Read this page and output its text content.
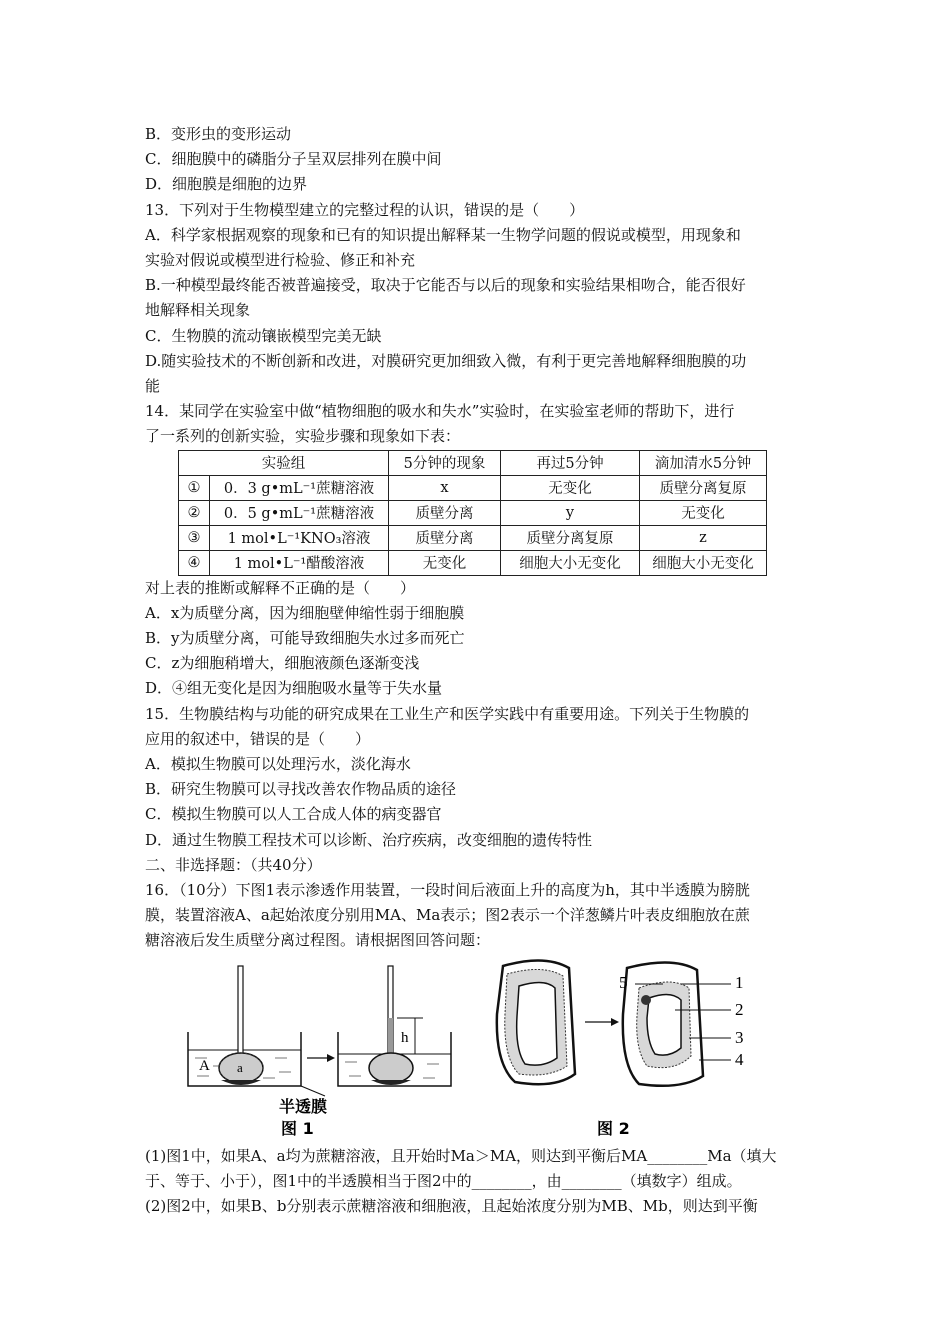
B．变形虫的变形运动
C．细胞膜中的磷脂分子呈双层排列在膜中间
D．细胞膜是细胞的边界
13．下列对于生物模型建立的完整过程的认识，错误的是（　　）
A．科学家根据观察的现象和已有的知识提出解释某一生物学问题的假说或模型，用现象和
实验对假说或模型进行检验、修正和补充
B.一种模型最终能否被普遍接受，取决于它能否与以后的现象和实验结果相吻合，能否很好
地解释相关现象
C．生物膜的流动镶嵌模型完美无缺
D.随实验技术的不断创新和改进，对膜研究更加细致入微，有利于更完善地解释细胞膜的功
能
14．某同学在实验室中做“植物细胞的吸水和失水”实验时，在实验室老师的帮助下，进行
了一系列的创新实验，实验步骤和现象如下表：
实验组		5分钟的现象	再过5分钟	滴加清水5分钟
①	0．3 g•mL⁻¹蔗糖溶液	x	无变化	质壁分离复原
②	0．5 g•mL⁻¹蔗糖溶液	质壁分离	y	无变化
③	1 mol•L⁻¹KNO₃溶液	质壁分离	质壁分离复原	z
④	1 mol•L⁻¹醋酸溶液	无变化	细胞大小无变化	细胞大小无变化
对上表的推断或解释不正确的是（　　）
A．x为质壁分离，因为细胞壁伸缩性弱于细胞膜
B．y为质壁分离，可能导致细胞失水过多而死亡
C．z为细胞稍增大，细胞液颜色逐渐变浅
D．④组无变化是因为细胞吸水量等于失水量
15．生物膜结构与功能的研究成果在工业生产和医学实践中有重要用途。下列关于生物膜的
应用的叙述中，错误的是（　　）
A．模拟生物膜可以处理污水，淡化海水
B．研究生物膜可以寻找改善农作物品质的途径
C．模拟生物膜可以人工合成人体的病变器官
D．通过生物膜工程技术可以诊断、治疗疾病，改变细胞的遗传特性
二、非选择题：（共40分）
16．（10分）下图1表示渗透作用装置，一段时间后液面上升的高度为h，其中半透膜为膀胱
膜，装置溶液A、a起始浓度分别用MA、Ma表示；图2表示一个洋葱鳞片叶表皮细胞放在蔗
糖溶液后发生质壁分离过程图。请根据图回答问题：
A a
h
半透膜
图 1
5	1
2
3
4
图 2
(1)图1中，如果A、a均为蔗糖溶液，且开始时Ma＞MA，则达到平衡后MA________Ma（填大
于、等于、小于），图1中的半透膜相当于图2中的________，由________（填数字）组成。
(2)图2中，如果B、b分别表示蔗糖溶液和细胞液，且起始浓度分别为MB、Mb，则达到平衡
